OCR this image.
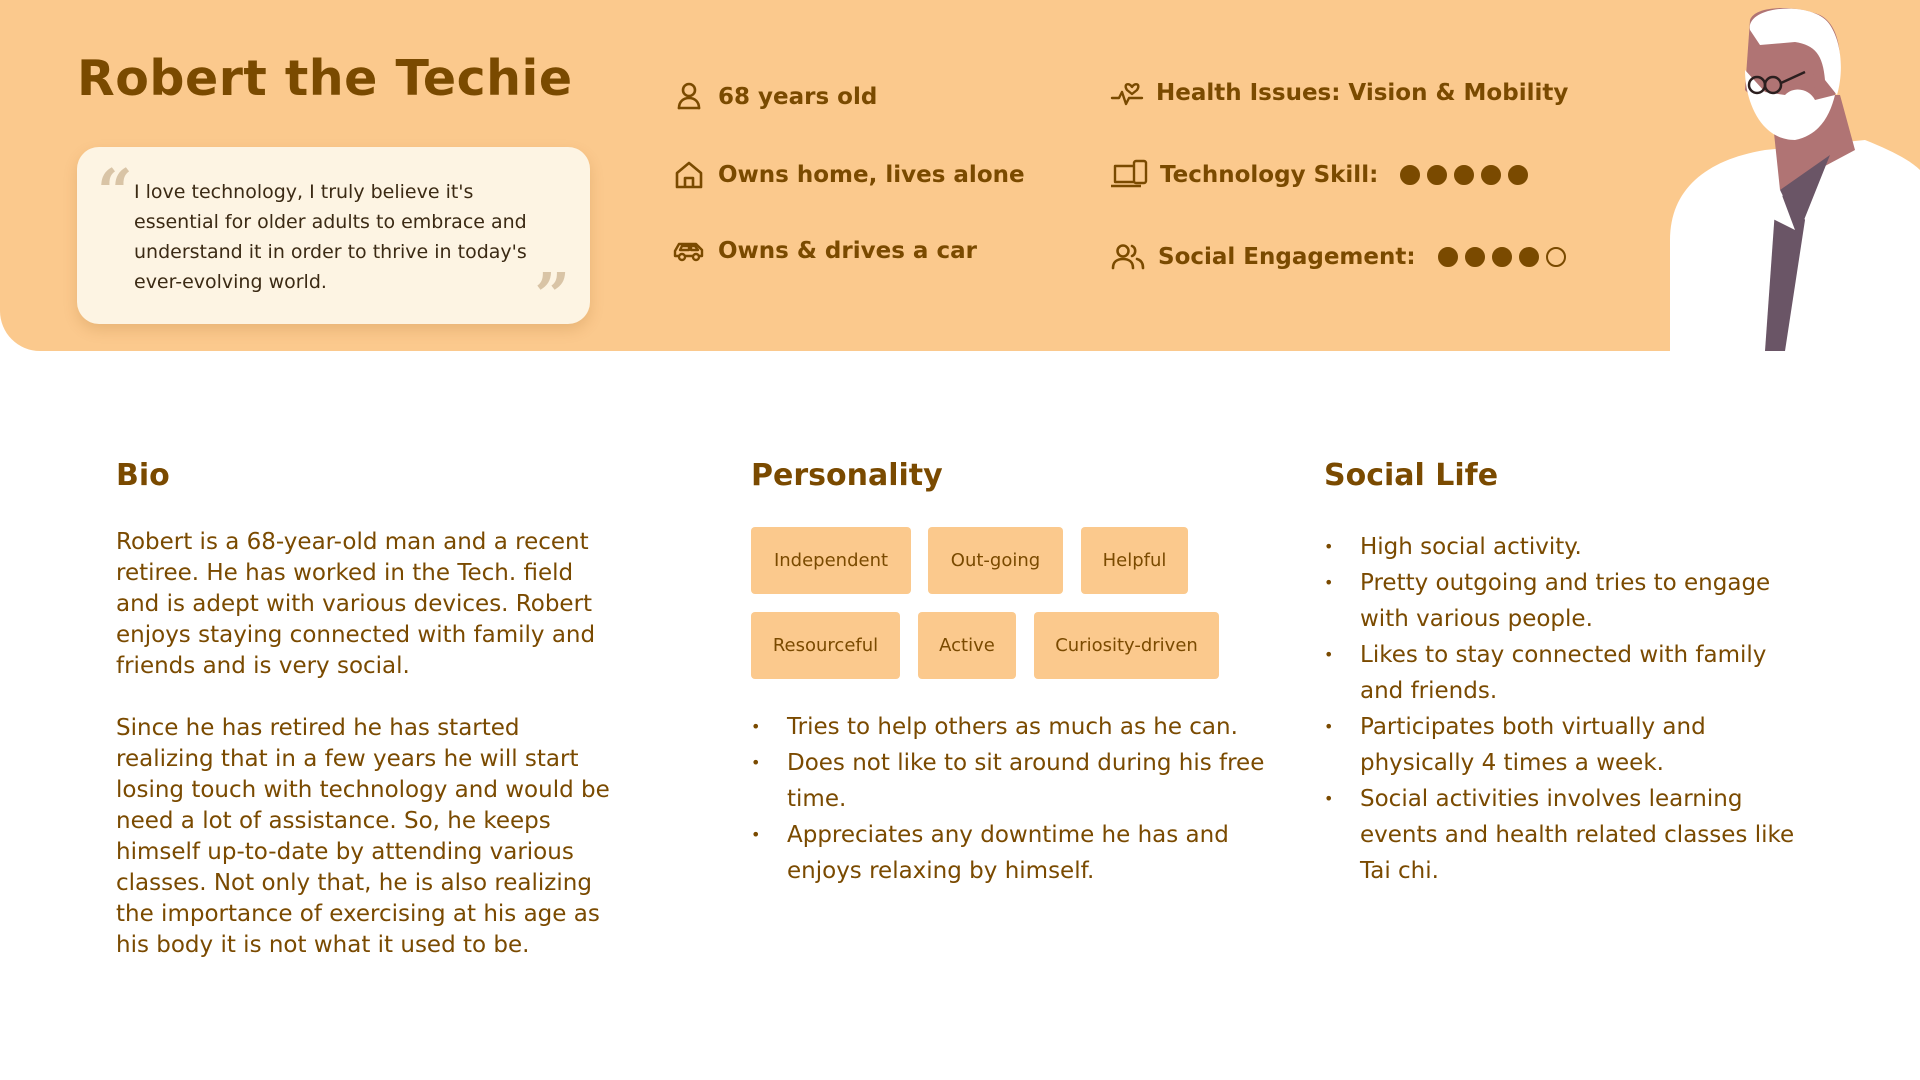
Robert the Techie
“ I love technology, I truly believe it's essential for older adults to embrace and understand it in order to thrive in today's ever-evolving world.	”
68 years old
Owns home, lives alone
Owns & drives a car
Health Issues: Vision & Mobility
Technology Skill:
Social Engagement:
Bio

Robert is a 68-year-old man and a recent retiree. He has worked in the Tech. field and is adept with various devices. Robert enjoys staying connected with family and friends and is very social.

Since he has retired he has started realizing that in a few years he will start losing touch with technology and would be need a lot of assistance. So, he keeps himself up-to-date by attending various classes. Not only that, he is also realizing the importance of exercising at his age as his body it is not what it used to be.

Personality
Independent	Out-going	Helpful
Resourceful	Active	Curiosity-driven
• Tries to help others as much as he can.
• Does not like to sit around during his free time.
• Appreciates any downtime he has and enjoys relaxing by himself.
Social Life
• High social activity.
• Pretty outgoing and tries to engage with various people.
• Likes to stay connected with family and friends.
• Participates both virtually and physically 4 times a week.
• Social activities involves learning events and health related classes like Tai chi.
